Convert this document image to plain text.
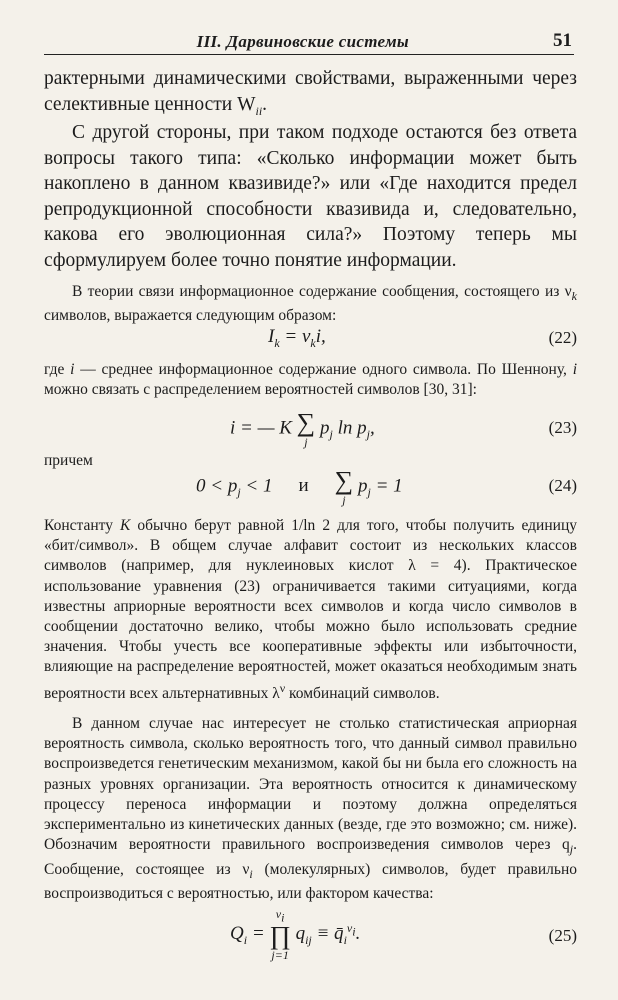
III. Дарвиновские системы	51

рактерными динамическими свойствами, выраженными через селективные ценности $W_{ii}$.

С другой стороны, при таком подходе остаются без ответа вопросы такого типа: «Сколько информации может быть накоплено в данном квазивиде?» или «Где находится предел репродукционной способности квазивида и, следовательно, какова его эволюционная сила?» Поэтому теперь мы сформулируем более точно понятие информации.

В теории связи информационное содержание сообщения, состоящего из $\nu_k$ символов, выражается следующим образом:

$I_k = \nu_ki$,	(22)

где i — среднее информационное содержание одного символа. По Шеннону, i можно связать с распределением вероятностей символов [30, 31]:

i = — K ∑
j
$p_j$ $\ln p_j$,	(23)
причем
$0 < p_j < 1$ и ∑
j
$p_j = 1$	(24)

Константу K обычно берут равной 1/ln 2 для того, чтобы получить единицу «бит/символ». В общем случае алфавит состоит из нескольких классов символов (например, для нуклеиновых кислот λ = 4). Практическое использование уравнения (23) ограничивается такими ситуациями, когда известны априорные вероятности всех символов и когда число символов в сообщении достаточно велико, чтобы можно было использовать средние значения. Чтобы учесть все кооперативные эффекты или избыточности, влияющие на распределение вероятностей, может оказаться необходимым знать вероятности всех альтернативных $\lambda^\nu$ комбинаций символов.

В данном случае нас интересует не столько статистическая априорная вероятность символа, сколько вероятность того, что данный символ правильно воспроизведется генетическим механизмом, какой бы ни была его сложность на разных уровнях организации. Эта вероятность относится к динамическому процессу переноса информации и поэтому должна определяться экспериментально из кинетических данных (везде, где это возможно; см. ниже). Обозначим вероятности правильного воспроизведения символов через $q_j$. Сообщение, состоящее из $\nu_i$ (молекулярных) символов, будет правильно воспроизводиться с вероятностью, или фактором качества:

$Q_i$ =
$\nu_i$
∏
j=1
$q_{ij}$ ≡ $q̄_i^{\nu_i}$.	(25)
